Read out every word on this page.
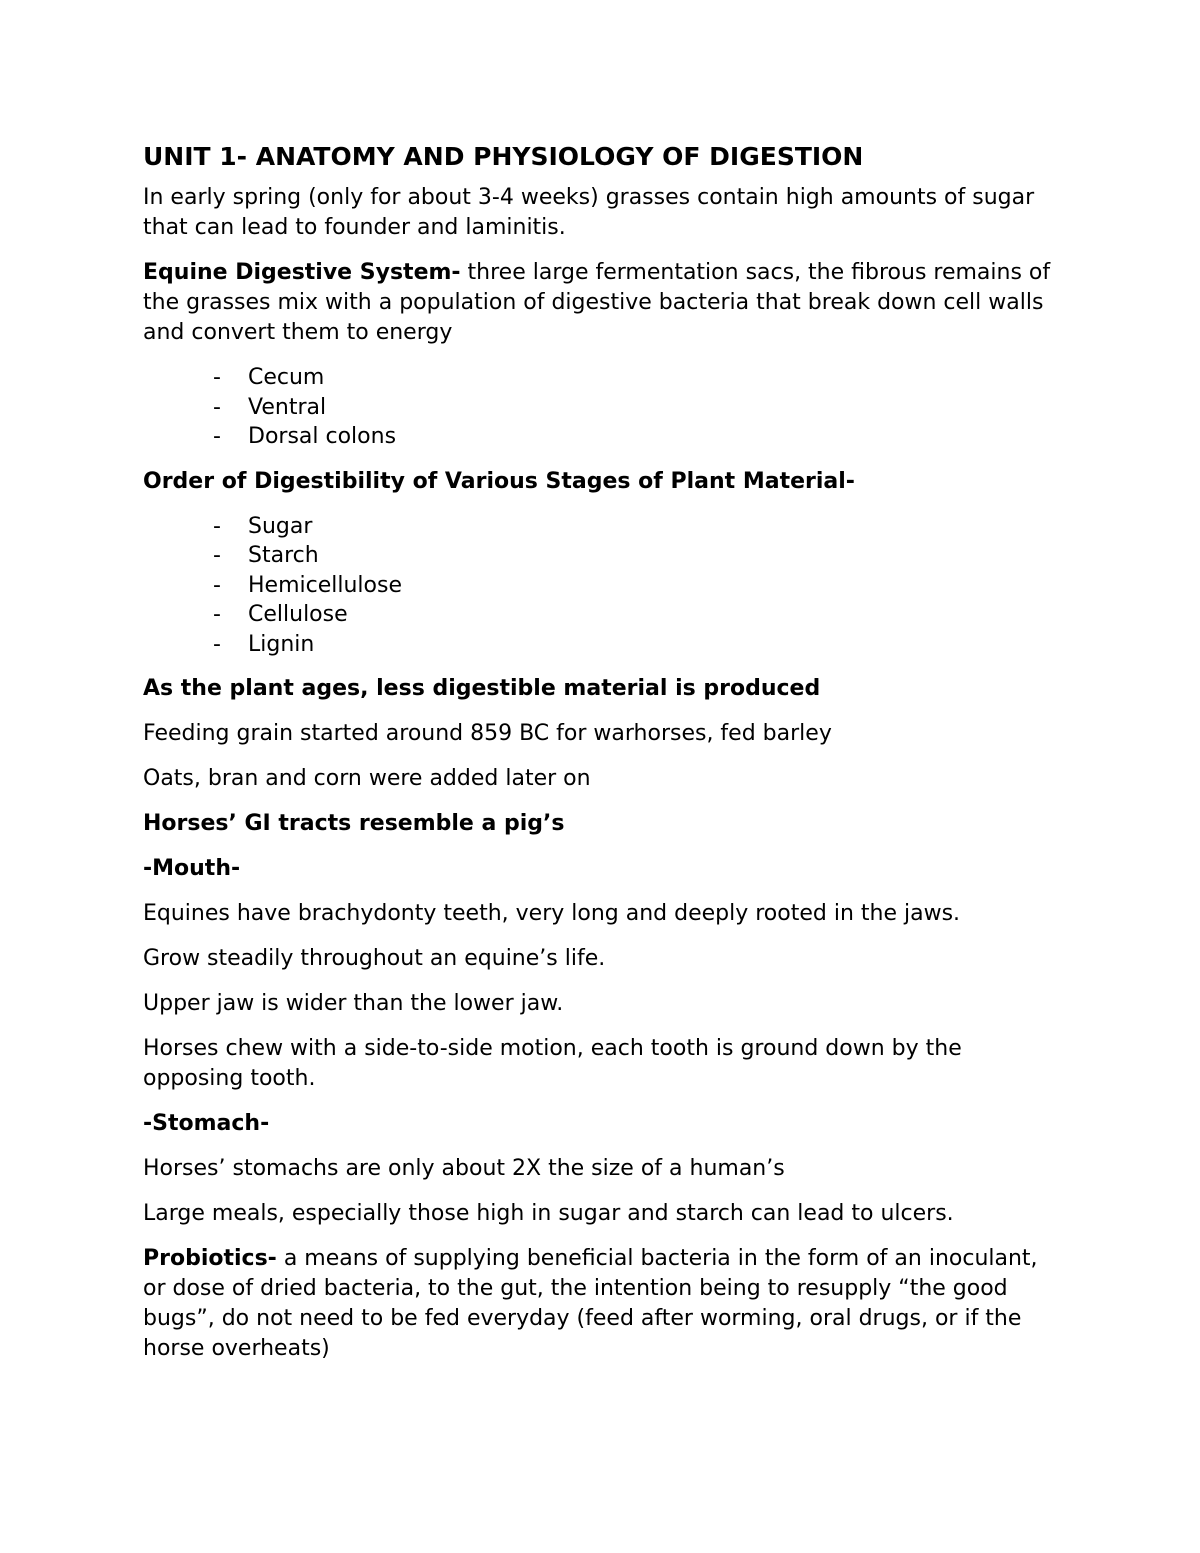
UNIT 1- ANATOMY AND PHYSIOLOGY OF DIGESTION

In early spring (only for about 3-4 weeks) grasses contain high amounts of sugar that can lead to founder and laminitis.

Equine Digestive System- three large fermentation sacs, the fibrous remains of the grasses mix with a population of digestive bacteria that break down cell walls and convert them to energy

- Cecum
- Ventral
- Dorsal colons

Order of Digestibility of Various Stages of Plant Material-

- Sugar
- Starch
- Hemicellulose
- Cellulose
- Lignin

As the plant ages, less digestible material is produced

Feeding grain started around 859 BC for warhorses, fed barley

Oats, bran and corn were added later on

Horses’ GI tracts resemble a pig’s

-Mouth-

Equines have brachydonty teeth, very long and deeply rooted in the jaws.

Grow steadily throughout an equine’s life.

Upper jaw is wider than the lower jaw.

Horses chew with a side-to-side motion, each tooth is ground down by the opposing tooth.

-Stomach-

Horses’ stomachs are only about 2X the size of a human’s

Large meals, especially those high in sugar and starch can lead to ulcers.

Probiotics- a means of supplying beneficial bacteria in the form of an inoculant, or dose of dried bacteria, to the gut, the intention being to resupply “the good bugs”, do not need to be fed everyday (feed after worming, oral drugs, or if the horse overheats)
